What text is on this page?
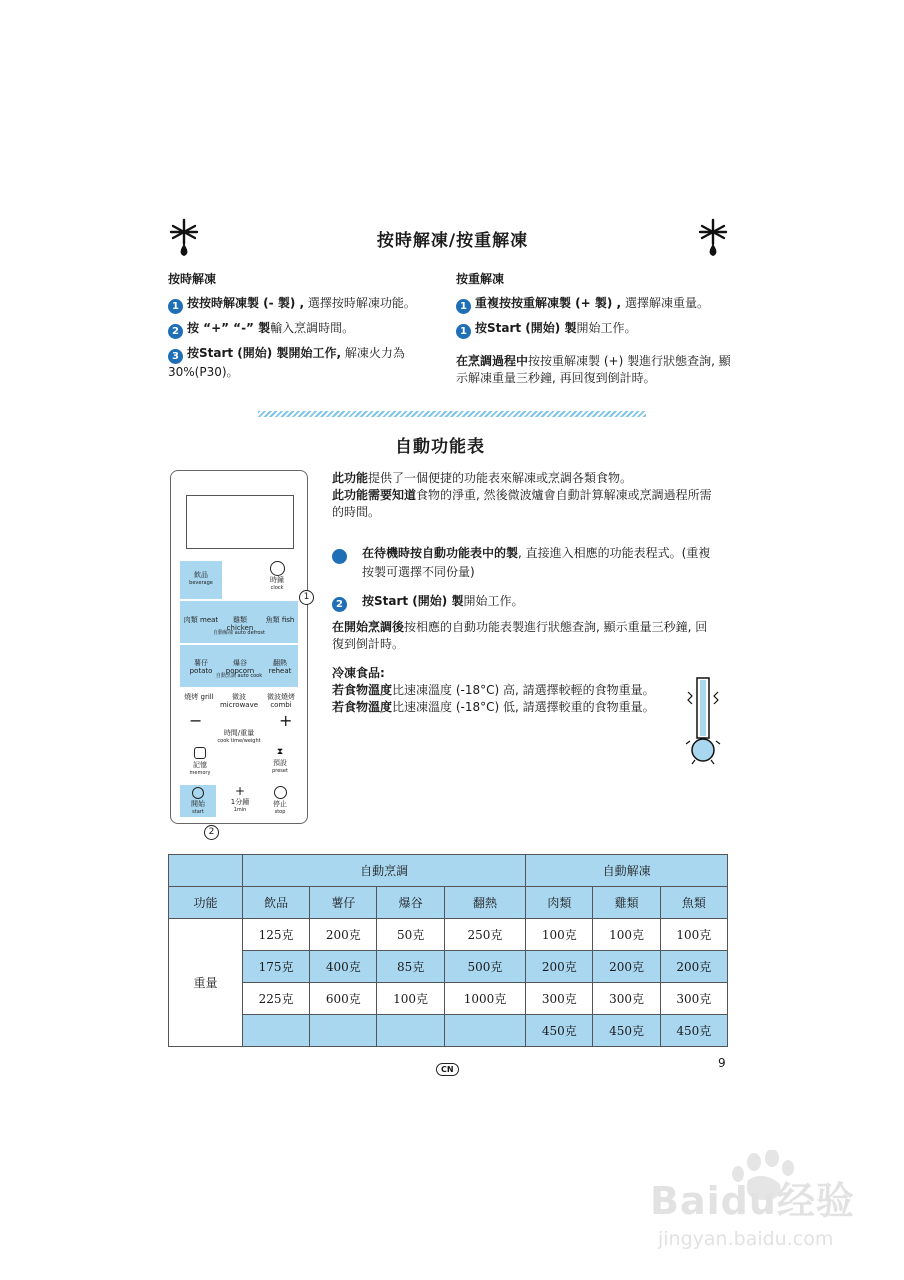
按時解凍/按重解凍
按時解凍
1 按按時解凍製 (- 製) , 選擇按時解凍功能。
2 按 “+” “-” 製輸入烹調時間。
3 按Start (開始) 製開始工作, 解凍火力為30%(P30)。
按重解凍
1 重複按按重解凍製 (+ 製) , 選擇解凍重量。
1 按Start (開始) 製開始工作。
在烹調過程中按按重解凍製 (+) 製進行狀態查詢, 顯示解凍重量三秒鐘, 再回復到倒計時。
自動功能表
飲品
beverage	時鐘
clock
1
肉類 meat	雞類 chicken
魚類 fish
自動解凍 auto defrost
薯仔 potato
爆谷 popcorn
翻熱 reheat
自動烹調 auto cook
燒烤 grill	微波 microwave
微波燒烤 combi
−	+
時間/重量
cook time/weight
記憶
memory
⧗
預設
preset
開始
start
+
1分鐘
1min
停止
stop
2
此功能提供了一個便捷的功能表來解凍或烹調各類食物。
此功能需要知道食物的淨重, 然後微波爐會自動計算解凍或烹調過程所需的時間。
1	在待機時按自動功能表中的製, 直接進入相應的功能表程式。(重複按製可選擇不同份量)
2 按Start (開始) 製開始工作。
在開始烹調後按相應的自動功能表製進行狀態查詢, 顯示重量三秒鐘, 回復到倒計時。
冷凍食品:
若食物溫度比速凍溫度 (-18°C) 高, 請選擇較輕的食物重量。
若食物溫度比速凍溫度 (-18°C) 低, 請選擇較重的食物重量。
	自動烹調				自動解凍		
功能	飲品	薯仔	爆谷	翻熱	肉類	雞類	魚類
重量	125克	200克	50克	250克	100克	100克	100克
	175克	400克	85克	500克	200克	200克	200克
	225克	600克	100克	1000克	300克	300克	300克
					450克	450克	450克
CN	9
Baidu经验
jingyan.baidu.com
